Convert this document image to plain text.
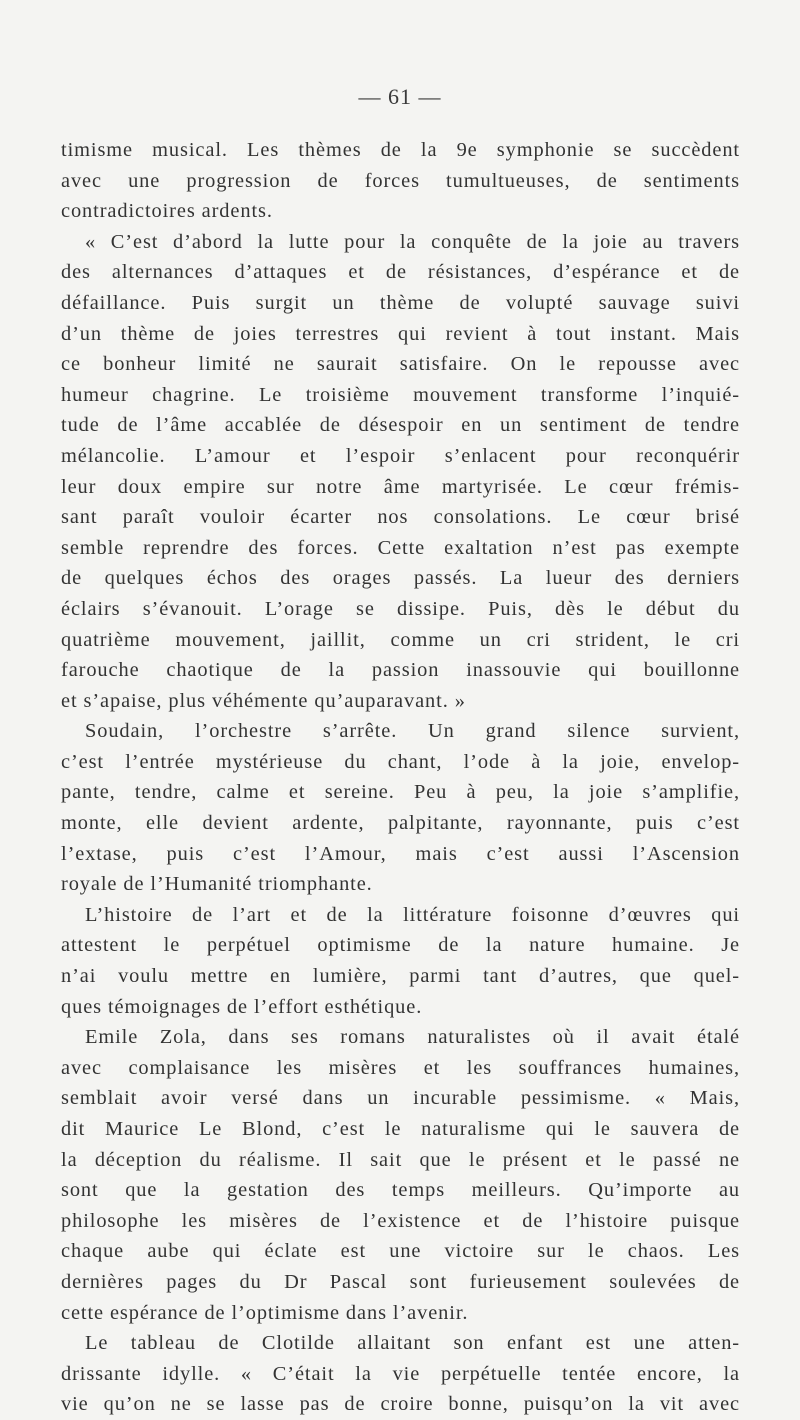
— 61 —
timisme musical. Les thèmes de la 9e symphonie se succèdent
avec une progression de forces tumultueuses, de sentiments
contradictoires ardents.
« C’est d’abord la lutte pour la conquête de la joie au travers
des alternances d’attaques et de résistances, d’espérance et de
défaillance. Puis surgit un thème de volupté sauvage suivi
d’un thème de joies terrestres qui revient à tout instant. Mais
ce bonheur limité ne saurait satisfaire. On le repousse avec
humeur chagrine. Le troisième mouvement transforme l’inquié-
tude de l’âme accablée de désespoir en un sentiment de tendre
mélancolie. L’amour et l’espoir s’enlacent pour reconquérir
leur doux empire sur notre âme martyrisée. Le cœur frémis-
sant paraît vouloir écarter nos consolations. Le cœur brisé
semble reprendre des forces. Cette exaltation n’est pas exempte
de quelques échos des orages passés. La lueur des derniers
éclairs s’évanouit. L’orage se dissipe. Puis, dès le début du
quatrième mouvement, jaillit, comme un cri strident, le cri
farouche chaotique de la passion inassouvie qui bouillonne
et s’apaise, plus véhémente qu’auparavant. »
Soudain, l’orchestre s’arrête. Un grand silence survient,
c’est l’entrée mystérieuse du chant, l’ode à la joie, envelop-
pante, tendre, calme et sereine. Peu à peu, la joie s’amplifie,
monte, elle devient ardente, palpitante, rayonnante, puis c’est
l’extase, puis c’est l’Amour, mais c’est aussi l’Ascension
royale de l’Humanité triomphante.
L’histoire de l’art et de la littérature foisonne d’œuvres qui
attestent le perpétuel optimisme de la nature humaine. Je
n’ai voulu mettre en lumière, parmi tant d’autres, que quel-
ques témoignages de l’effort esthétique.
Emile Zola, dans ses romans naturalistes où il avait étalé
avec complaisance les misères et les souffrances humaines,
semblait avoir versé dans un incurable pessimisme. « Mais,
dit Maurice Le Blond, c’est le naturalisme qui le sauvera de
la déception du réalisme. Il sait que le présent et le passé ne
sont que la gestation des temps meilleurs. Qu’importe au
philosophe les misères de l’existence et de l’histoire puisque
chaque aube qui éclate est une victoire sur le chaos. Les
dernières pages du Dr Pascal sont furieusement soulevées de
cette espérance de l’optimisme dans l’avenir.
Le tableau de Clotilde allaitant son enfant est une atten-
drissante idylle. « C’était la vie perpétuelle tentée encore, la
vie qu’on ne se lasse pas de croire bonne, puisqu’on la vit avec
